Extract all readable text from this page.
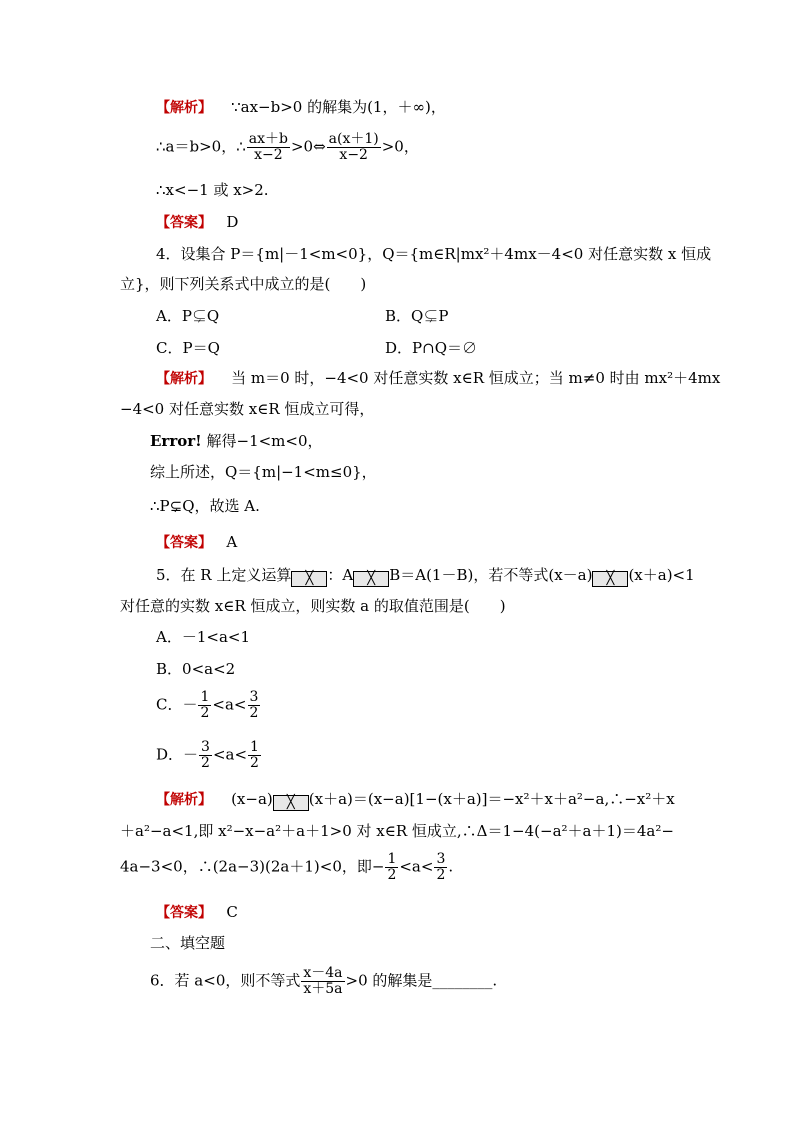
【解析】 ∵ax−b>0 的解集为(1，＋∞)，
∴a＝b>0，∴ $\frac{ax+b}{x-2}$ >0⇔ $\frac{a(x+1)}{x-2} >0$，
∴x<−1 或 x>2.
【答案】 D
4．设集合 P＝{m|－1<m<0}，Q＝{m∈R|mx²＋4mx－4<0 对任意实数 x 恒成
立}，则下列关系式中成立的是(　　)
A．P⊊Q	B．Q⊊P
C．P＝Q	D．P∩Q＝∅
【解析】 当 m＝0 时，−4<0 对任意实数 x∈R 恒成立；当 m≠0 时由 mx²＋4mx
−4<0 对任意实数 x∈R 恒成立可得，
Error! 解得−1<m<0，
综上所述，Q＝{m|−1<m≤0}，
∴P⊊Q，故选 A.
【答案】 A
5．在 R 上定义运算 ╳ ：A ╳ B＝A(1－B)，若不等式(x－a) ╳ (x＋a)<1
对任意的实数 x∈R 恒成立，则实数 a 的取值范围是(　　)
A．－1<a<1
B．0<a<2
C．－ $\frac{1}{2} <a< \frac{3}{2}$
D．－ $\frac{3}{2} <a< \frac{1}{2}$
【解析】 (x−a) ╳ (x＋a)＝(x−a)[1−(x＋a)]＝−x²＋x＋a²−a,∴−x²＋x
＋a²−a<1,即 x²−x−a²＋a＋1>0 对 x∈R 恒成立,∴Δ＝1−4(−a²＋a＋1)＝4a²−
4a−3<0，∴(2a−3)(2a＋1)<0，即− $\frac{1}{2} <a< \frac{3}{2}$ .
【答案】 C
二、填空题
6．若 a<0，则不等式 $\frac{x-4a}{x+5a} >0$ 的解集是________.
